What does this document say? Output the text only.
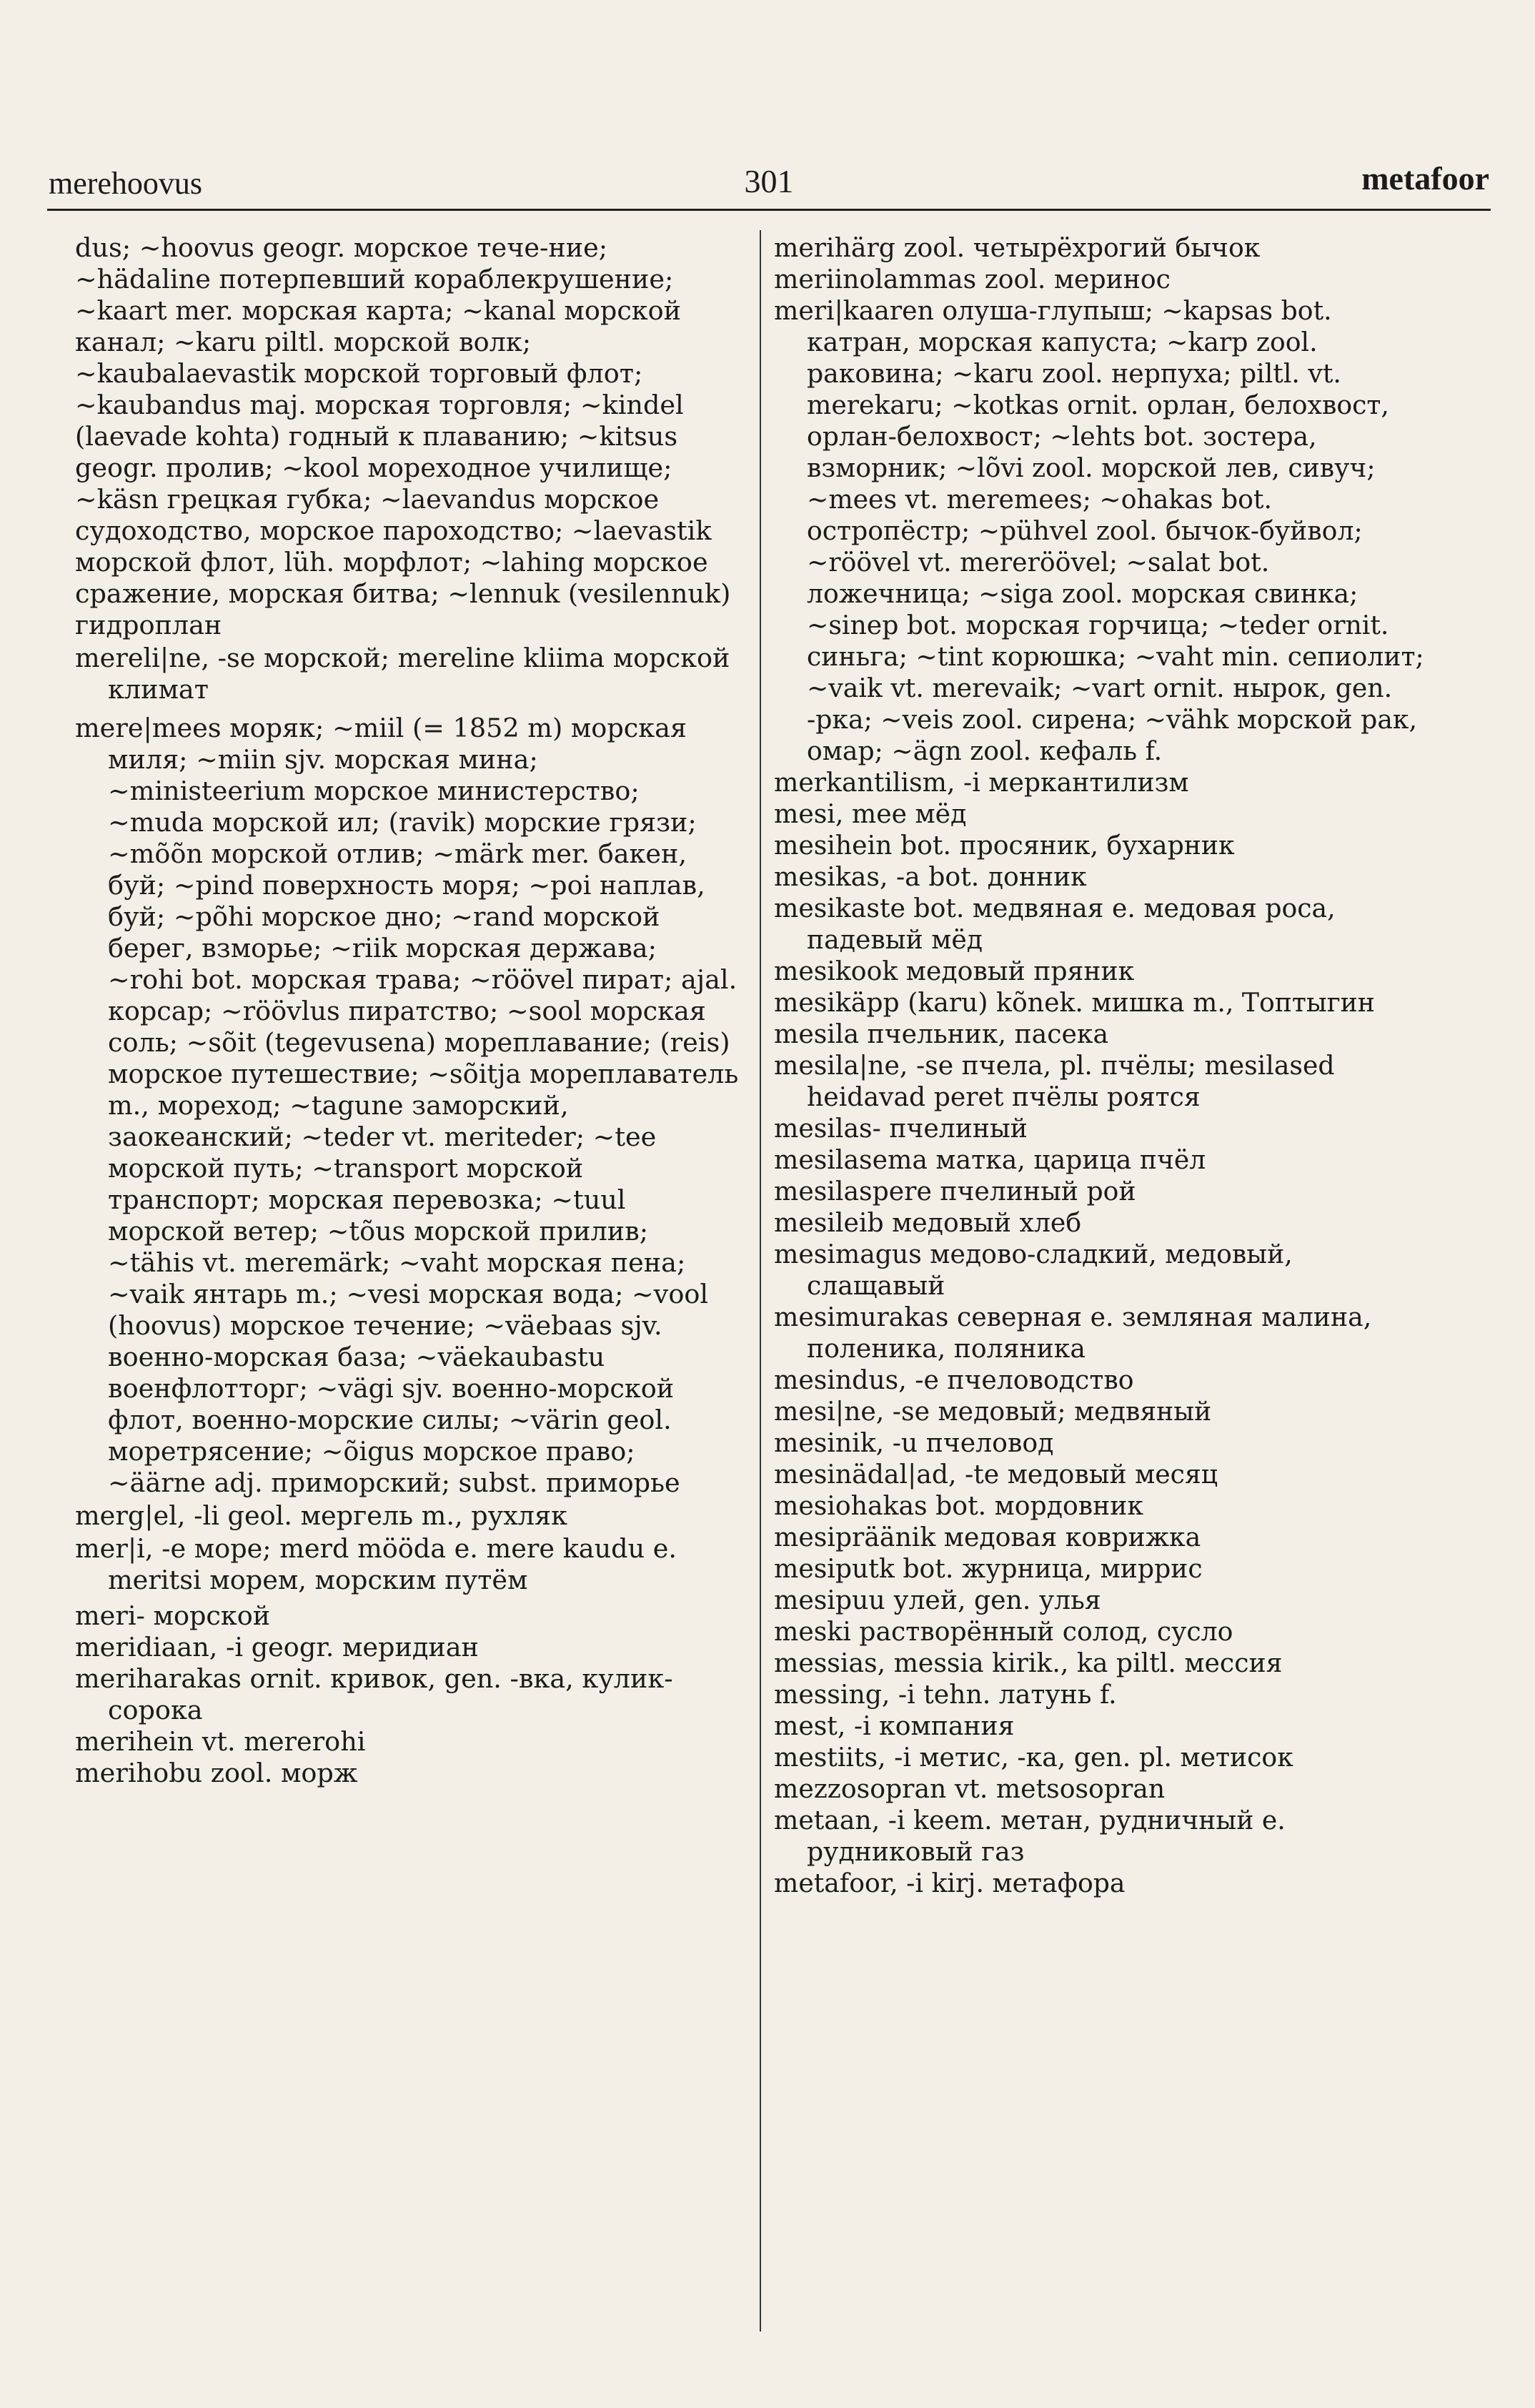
merehoovus	301	metafoor

dus; ~hoovus geogr. морское тече-ние; ~hädaline потерпевший кораблекрушение; ~kaart mer. морская карта; ~kanal морской канал; ~karu piltl. морской волк; ~kaubalaevastik морской торговый флот; ~kaubandus maj. морская торговля; ~kindel (laevade kohta) годный к плаванию; ~kitsus geogr. пролив; ~kool мореходное училище; ~käsn грецкая губка; ~laevandus морское судоходство, морское пароходство; ~laevastik морской флот, lüh. морфлот; ~lahing морское сражение, морская битва; ~lennuk (vesilennuk) гидроплан

mereli|ne, -se морской; mereline kliima морской климат

mere|mees моряк; ~miil (= 1852 m) морская миля; ~miin sjv. морская мина; ~ministeerium морское министерство; ~muda морской ил; (ravik) морские грязи; ~mõõn морской отлив; ~märk mer. бакен, буй; ~pind поверхность моря; ~poi наплав, буй; ~põhi морское дно; ~rand морской берег, взморье; ~riik морская держава; ~rohi bot. морская трава; ~röövel пират; ajal. корсар; ~röövlus пиратство; ~sool морская соль; ~sõit (tegevusena) мореплавание; (reis) морское путешествие; ~sõitja мореплаватель m., мореход; ~tagune заморский, заокеанский; ~teder vt. meriteder; ~tee морской путь; ~transport морской транспорт; морская перевозка; ~tuul морской ветер; ~tõus морской прилив; ~tähis vt. meremärk; ~vaht морская пена; ~vaik янтарь m.; ~vesi морская вода; ~vool (hoovus) морское течение; ~väebaas sjv. военно-морская база; ~väekaubastu военфлотторг; ~vägi sjv. военно-морской флот, военно-морские силы; ~värin geol. моретрясение; ~õigus морское право; ~äärne adj. приморский; subst. приморье

merg|el, -li geol. мергель m., рухляк

mer|i, -e море; merd mööda e. mere kaudu e. meritsi морем, морским путём

meri- морской

meridiaan, -i geogr. меридиан

meriharakas ornit. кривок, gen. -вка, кулик-сорока

merihein vt. mererohi

merihobu zool. морж

merihärg zool. четырёхрогий бычок

meriinolammas zool. меринос

meri|kaaren олуша-глупыш; ~kapsas bot. катран, морская капуста; ~karp zool. раковина; ~karu zool. нерпуха; piltl. vt. merekaru; ~kotkas ornit. орлан, белохвост, орлан-белохвост; ~lehts bot. зостера, взморник; ~lõvi zool. морской лев, сивуч; ~mees vt. meremees; ~ohakas bot. остропёстр; ~pühvel zool. бычок-буйвол; ~röövel vt. mereröövel; ~salat bot. ложечница; ~siga zool. морская свинка; ~sinep bot. морская горчица; ~teder ornit. синьга; ~tint корюшка; ~vaht min. сепиолит; ~vaik vt. merevaik; ~vart ornit. нырок, gen. -рка; ~veis zool. сирена; ~vähk морской рак, омар; ~ägn zool. кефаль f.

merkantilism, -i меркантилизм

mesi, mee мёд

mesihein bot. просяник, бухарник

mesikas, -a bot. донник

mesikaste bot. медвяная e. медовая роса, падевый мёд

mesikook медовый пряник

mesikäpp (karu) kõnek. мишка m., Топтыгин

mesila пчельник, пасека

mesila|ne, -se пчела, pl. пчёлы; mesilased heidavad peret пчёлы роятся

mesilas- пчелиный

mesilasema матка, царица пчёл

mesilaspere пчелиный рой

mesileib медовый хлеб

mesimagus медово-сладкий, медовый, слащавый

mesimurakas северная e. земляная малина, поленика, поляника

mesindus, -e пчеловодство

mesi|ne, -se медовый; медвяный

mesinik, -u пчеловод

mesinädal|ad, -te медовый месяц

mesiohakas bot. мордовник

mesipräänik медовая коврижка

mesiputk bot. журница, миррис

mesipuu улей, gen. улья

meski растворённый солод, сусло

messias, messia kirik., ka piltl. мессия

messing, -i tehn. латунь f.

mest, -i компания

mestiits, -i метис, -ка, gen. pl. метисок

mezzosopran vt. metsosopran

metaan, -i keem. метан, рудничный e. рудниковый газ

metafoor, -i kirj. метафора
